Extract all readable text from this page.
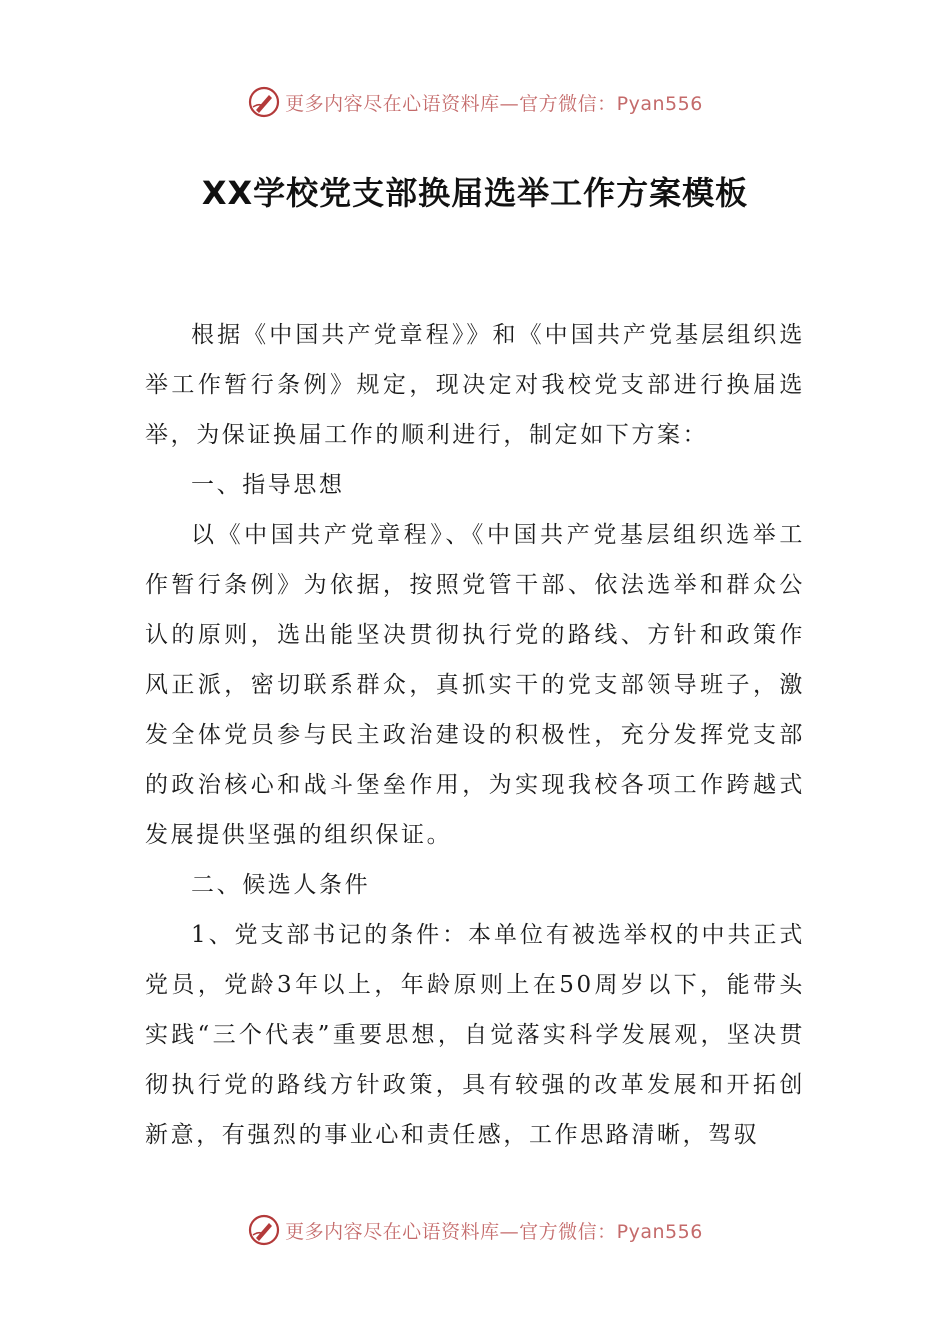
更多内容尽在心语资料库—官方微信：Pyan556
XX学校党支部换届选举工作方案模板

根据《中国共产党章程》》和《中国共产党基层组织选举工作暂行条例》规定，现决定对我校党支部进行换届选举，为保证换届工作的顺利进行，制定如下方案：

一、指导思想

以《中国共产党章程》、《中国共产党基层组织选举工作暂行条例》为依据，按照党管干部、依法选举和群众公认的原则，选出能坚决贯彻执行党的路线、方针和政策作风正派，密切联系群众，真抓实干的党支部领导班子，激发全体党员参与民主政治建设的积极性，充分发挥党支部的政治核心和战斗堡垒作用，为实现我校各项工作跨越式发展提供坚强的组织保证。

二、候选人条件

1、党支部书记的条件：本单位有被选举权的中共正式党员，党龄3年以上，年龄原则上在50周岁以下，能带头实践“三个代表”重要思想，自觉落实科学发展观，坚决贯彻执行党的路线方针政策，具有较强的改革发展和开拓创新意，有强烈的事业心和责任感，工作思路清晰，驾驭

更多内容尽在心语资料库—官方微信：Pyan556
